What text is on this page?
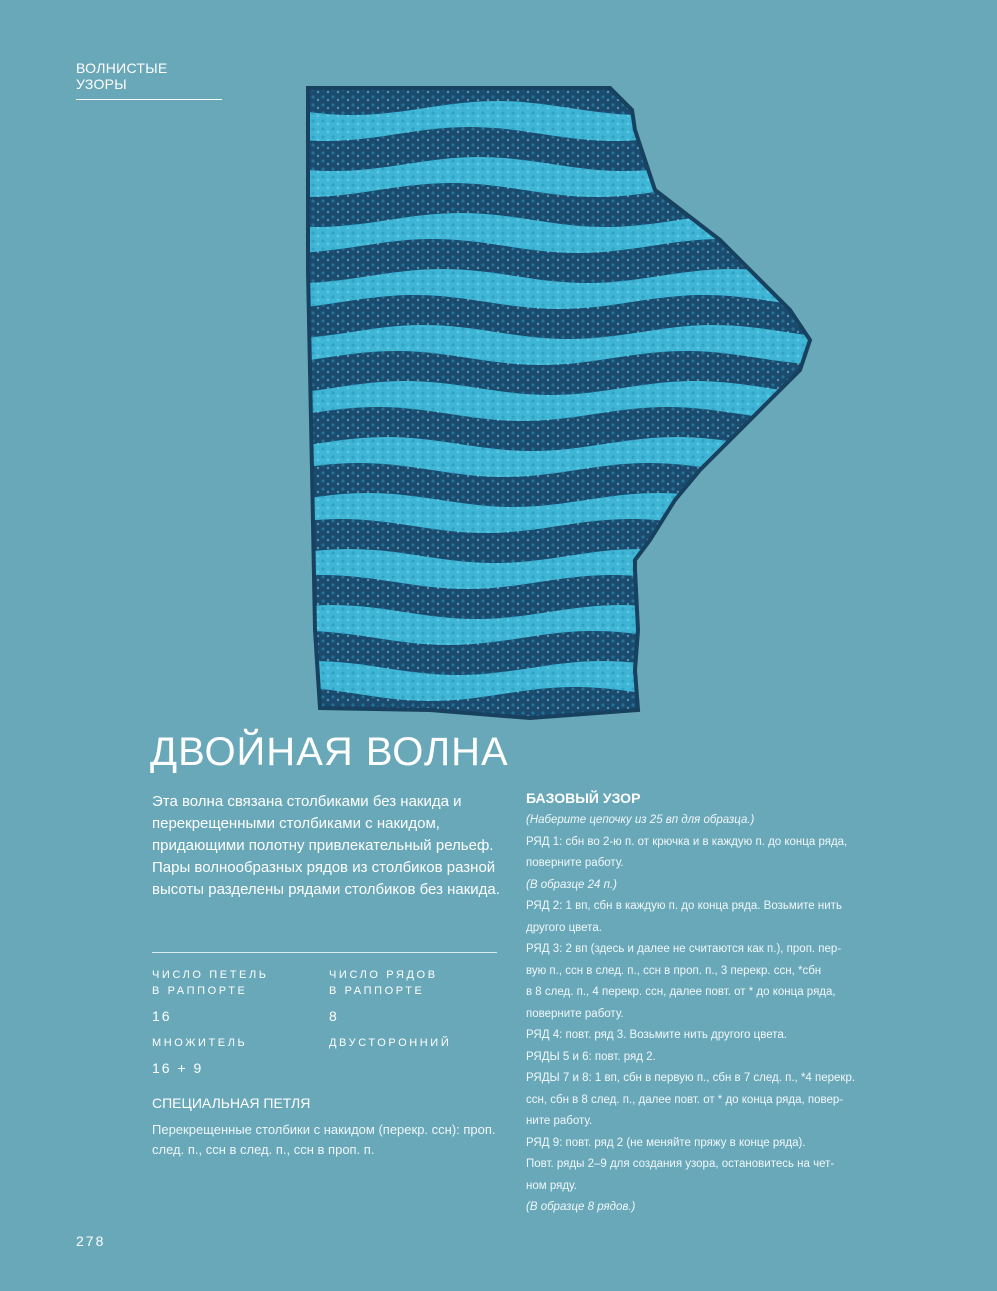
ВОЛНИСТЫЕ УЗОРЫ
ДВОЙНАЯ ВОЛНА

Эта волна связана столбиками без накида и перекрещенными столбиками с накидом, придающими полотну привлекательный рельеф. Пары волнообразных рядов из столбиков разной высоты разделены рядами столбиков без накида.

ЧИСЛО ПЕТЕЛЬ
В РАППОРТЕ
16
ЧИСЛО РЯДОВ
В РАППОРТЕ
8
МНОЖИТЕЛЬ
16 + 9
ДВУСТОРОННИЙ
СПЕЦИАЛЬНАЯ ПЕТЛЯ

Перекрещенные столбики с накидом (перекр. ссн): проп. след. п., ссн в след. п., ссн в проп. п.

БАЗОВЫЙ УЗОР
(Наберите цепочку из 25 вп для образца.)
РЯД 1: сбн во 2-ю п. от крючка и в каждую п. до конца ряда,
поверните работу.
(В образце 24 п.)
РЯД 2: 1 вп, сбн в каждую п. до конца ряда. Возьмите нить
другого цвета.
РЯД 3: 2 вп (здесь и далее не считаются как п.), проп. пер-
вую п., ссн в след. п., ссн в проп. п., 3 перекр. ссн, *сбн
в 8 след. п., 4 перекр. ссн, далее повт. от * до конца ряда,
поверните работу.
РЯД 4: повт. ряд 3. Возьмите нить другого цвета.
РЯДЫ 5 и 6: повт. ряд 2.
РЯДЫ 7 и 8: 1 вп, сбн в первую п., сбн в 7 след. п., *4 перекр.
ссн, сбн в 8 след. п., далее повт. от * до конца ряда, повер-
ните работу.
РЯД 9: повт. ряд 2 (не меняйте пряжу в конце ряда).
Повт. ряды 2–9 для создания узора, остановитесь на чет-
ном ряду.
(В образце 8 рядов.)
278
